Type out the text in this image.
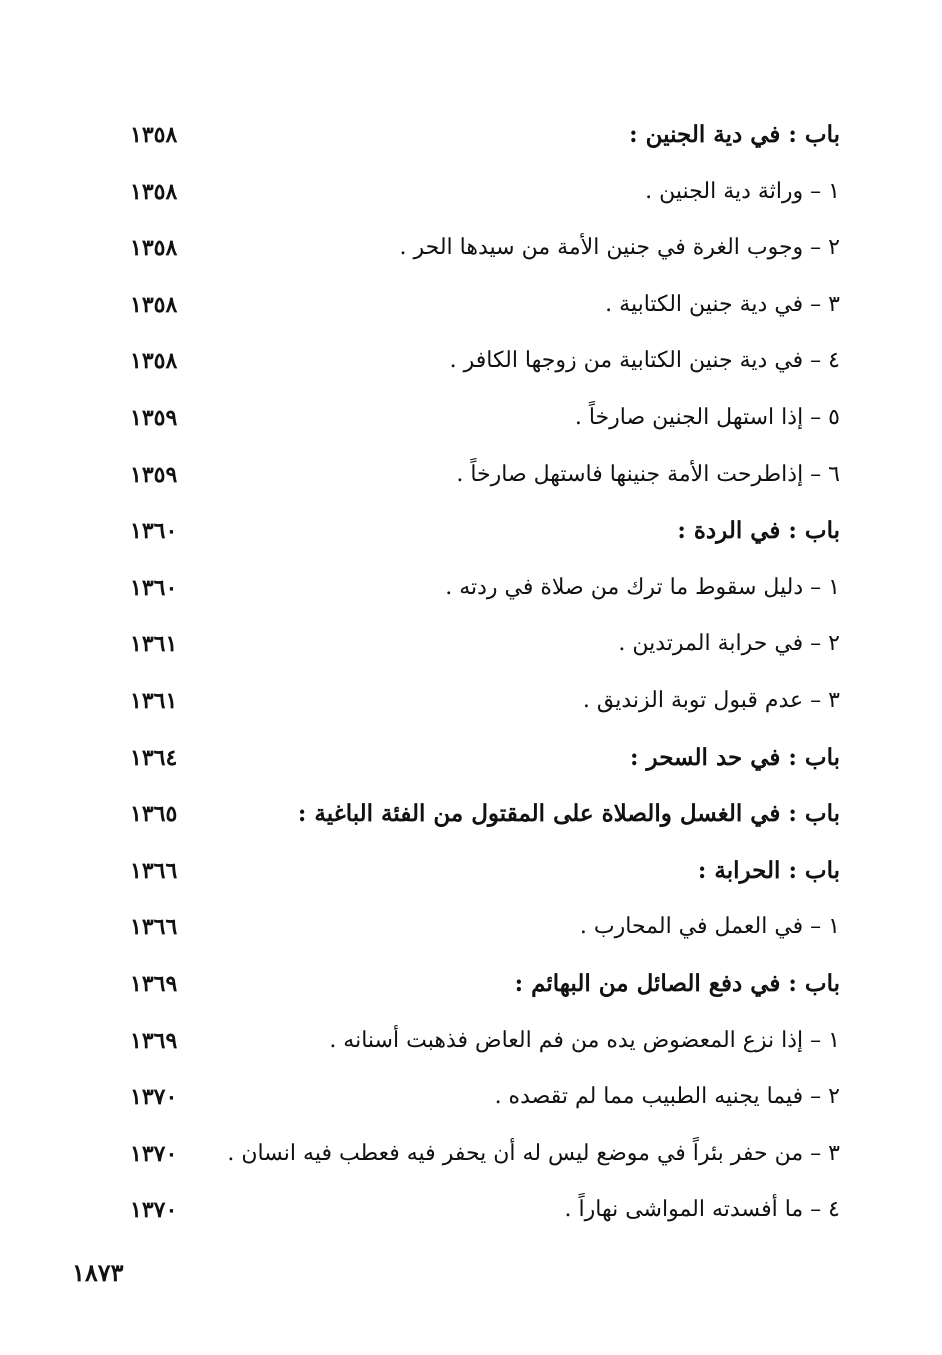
باب : في دية الجنين :
١٣٥٨
١ – وراثة دية الجنين .
١٣٥٨
٢ – وجوب الغرة في جنين الأمة من سيدها الحر .
١٣٥٨
٣ – في دية جنين الكتابية .
١٣٥٨
٤ – في دية جنين الكتابية من زوجها الكافر .
١٣٥٨
٥ – إذا استهل الجنين صارخاً .
١٣٥٩
٦ – إذاطرحت الأمة جنينها فاستهل صارخاً .
١٣٥٩
باب : في الردة :
١٣٦٠
١ – دليل سقوط ما ترك من صلاة في ردته .
١٣٦٠
٢ – في حرابة المرتدين .
١٣٦١
٣ – عدم قبول توبة الزنديق .
١٣٦١
باب : في حد السحر :
١٣٦٤
باب : في الغسل والصلاة على المقتول من الفئة الباغية :
١٣٦٥
باب : الحرابة :
١٣٦٦
١ – في العمل في المحارب .
١٣٦٦
باب : في دفع الصائل من البهائم :
١٣٦٩
١ – إذا نزع المعضوض يده من فم العاض فذهبت أسنانه .
١٣٦٩
٢ – فيما يجنيه الطبيب مما لم تقصده .
١٣٧٠
٣ – من حفر بئراً في موضع ليس له أن يحفر فيه فعطب فيه انسان .
١٣٧٠
٤ – ما أفسدته المواشى نهاراً .
١٣٧٠
١٨٧٣
